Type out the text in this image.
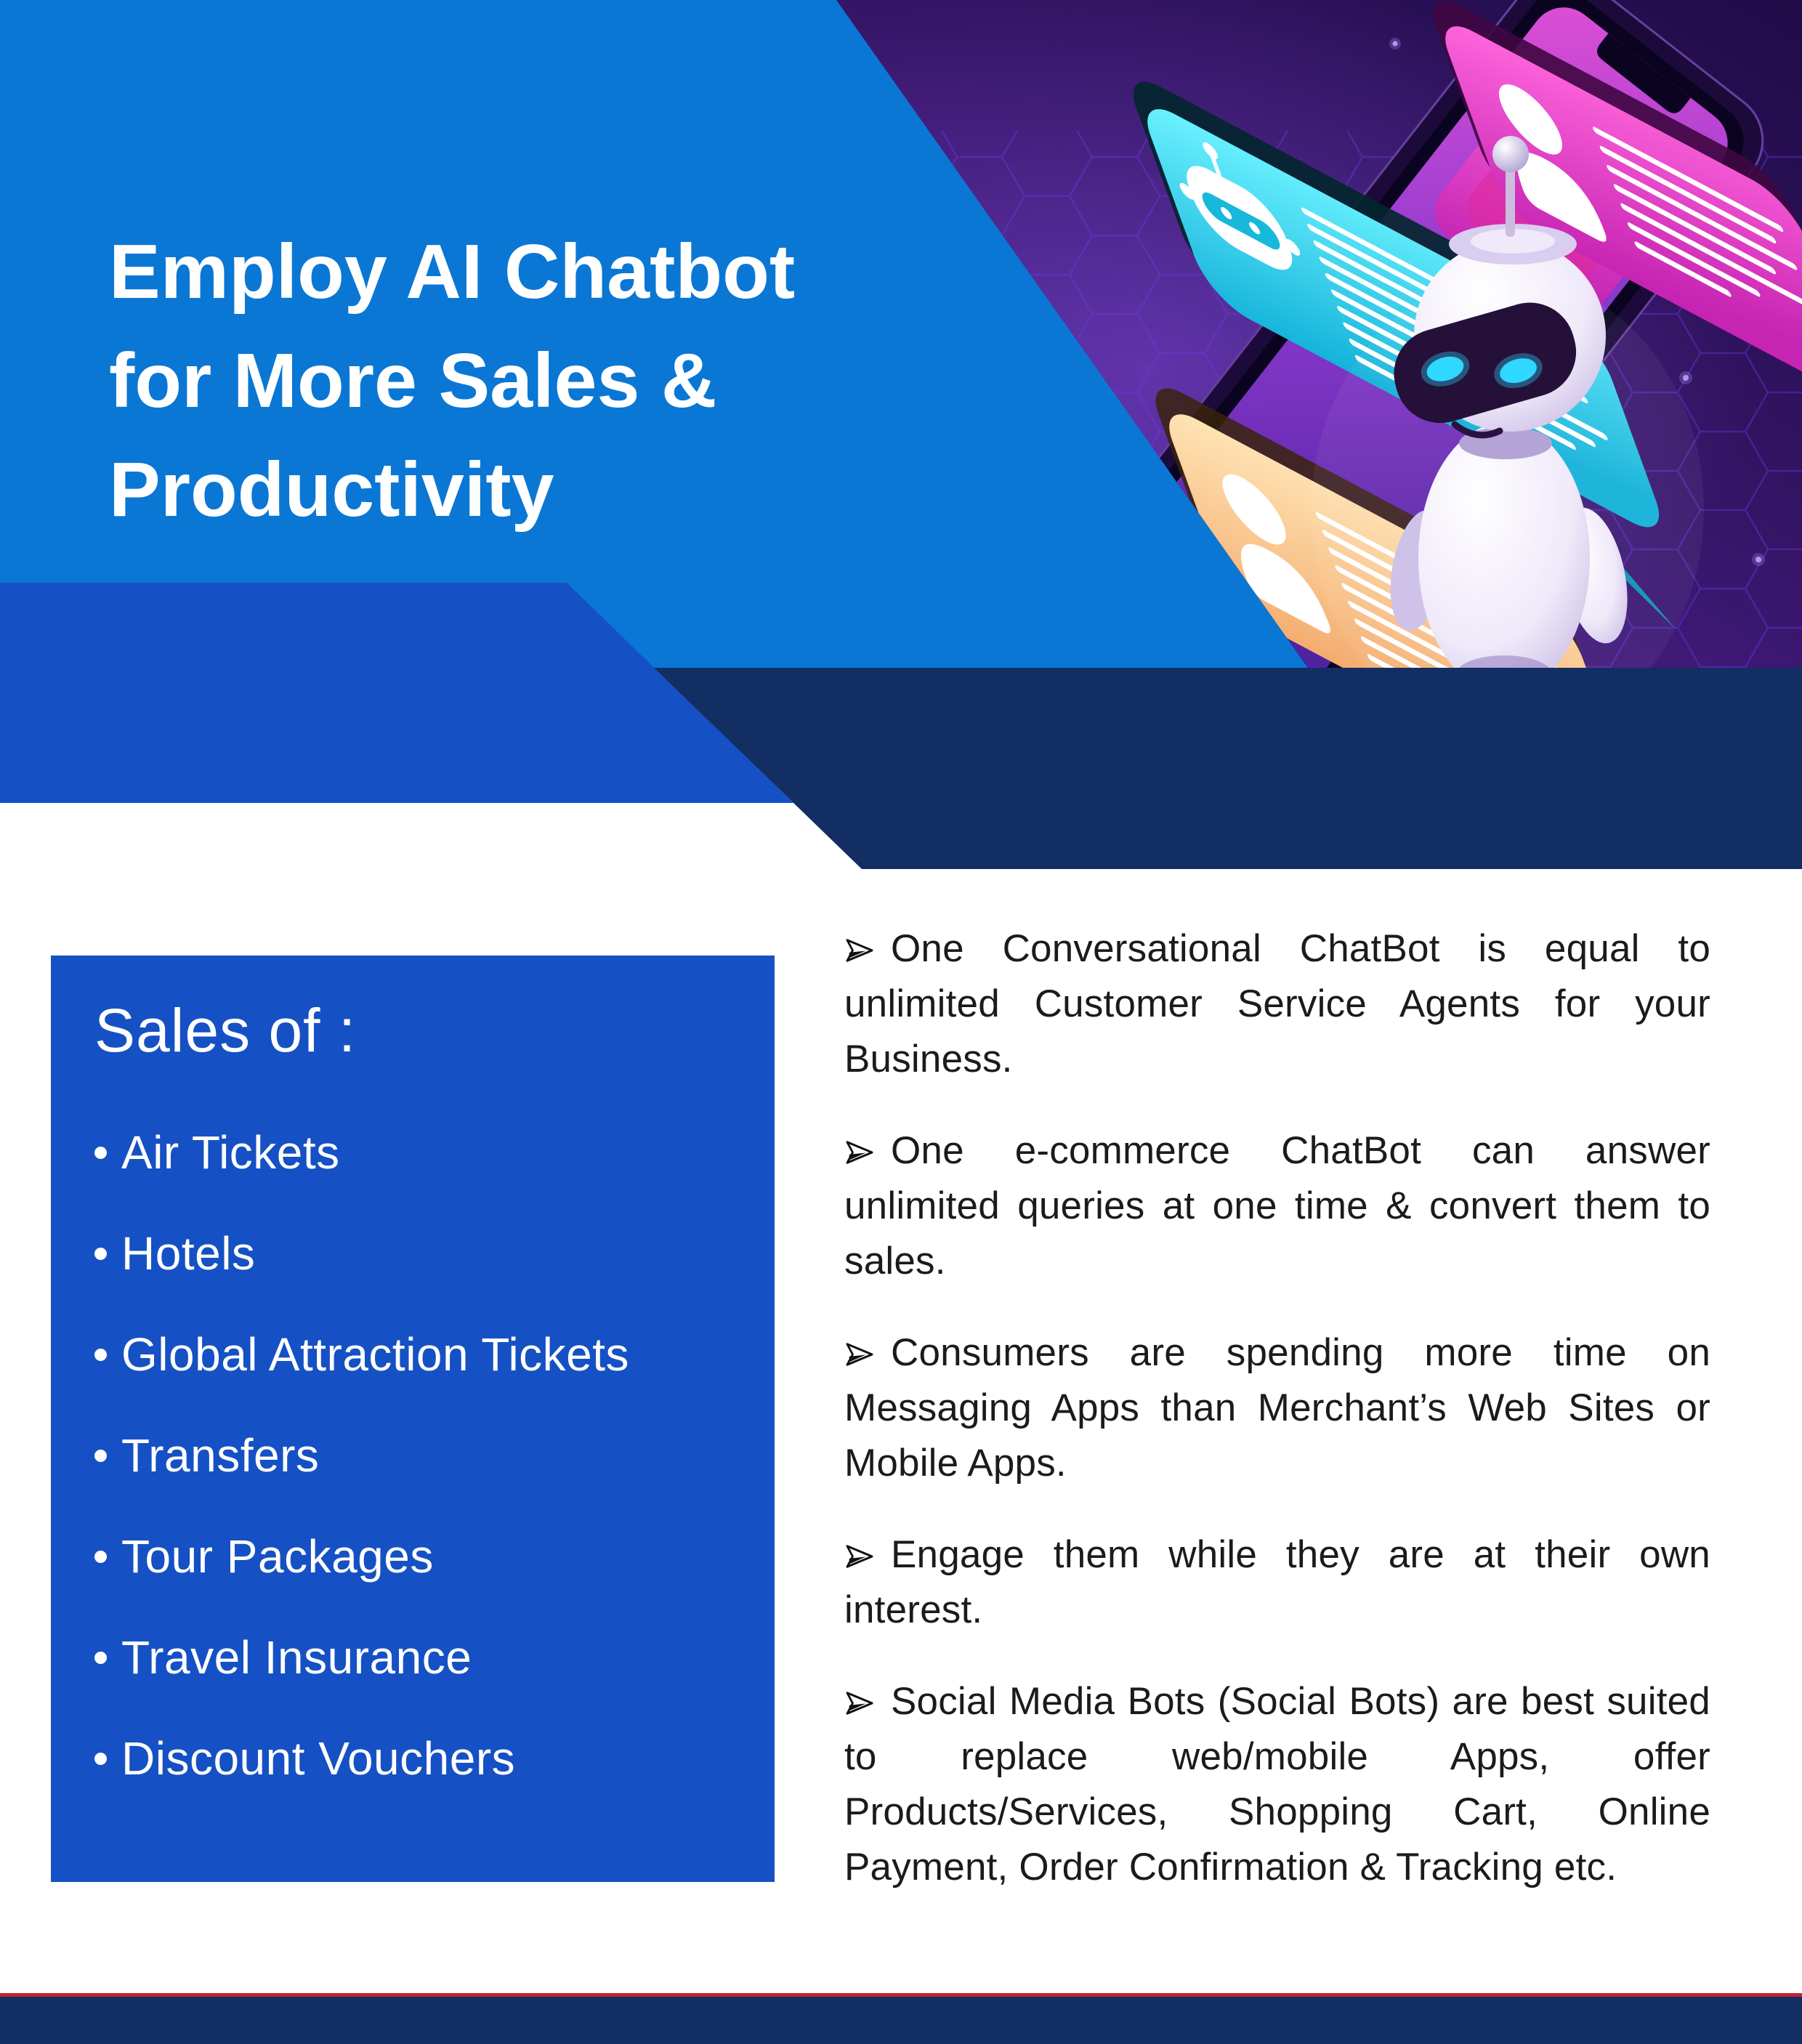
Employ AI Chatbot
for More Sales &
Productivity
Sales of :
Air Tickets
Hotels
Global Attraction Tickets
Transfers
Tour Packages
Travel Insurance
Discount Vouchers

One Conversational ChatBot is equal to unlimited Customer Service Agents for your Business.

One e-commerce ChatBot can answer unlimited queries at one time & convert them to sales.

Consumers are spending more time on Messaging Apps than Merchant’s Web Sites or Mobile Apps.

Engage them while they are at their own interest.

Social Media Bots (Social Bots) are best suited to replace web/mobile Apps, offer Products/Services, Shopping Cart, Online Payment, Order Confirmation & Tracking etc.
